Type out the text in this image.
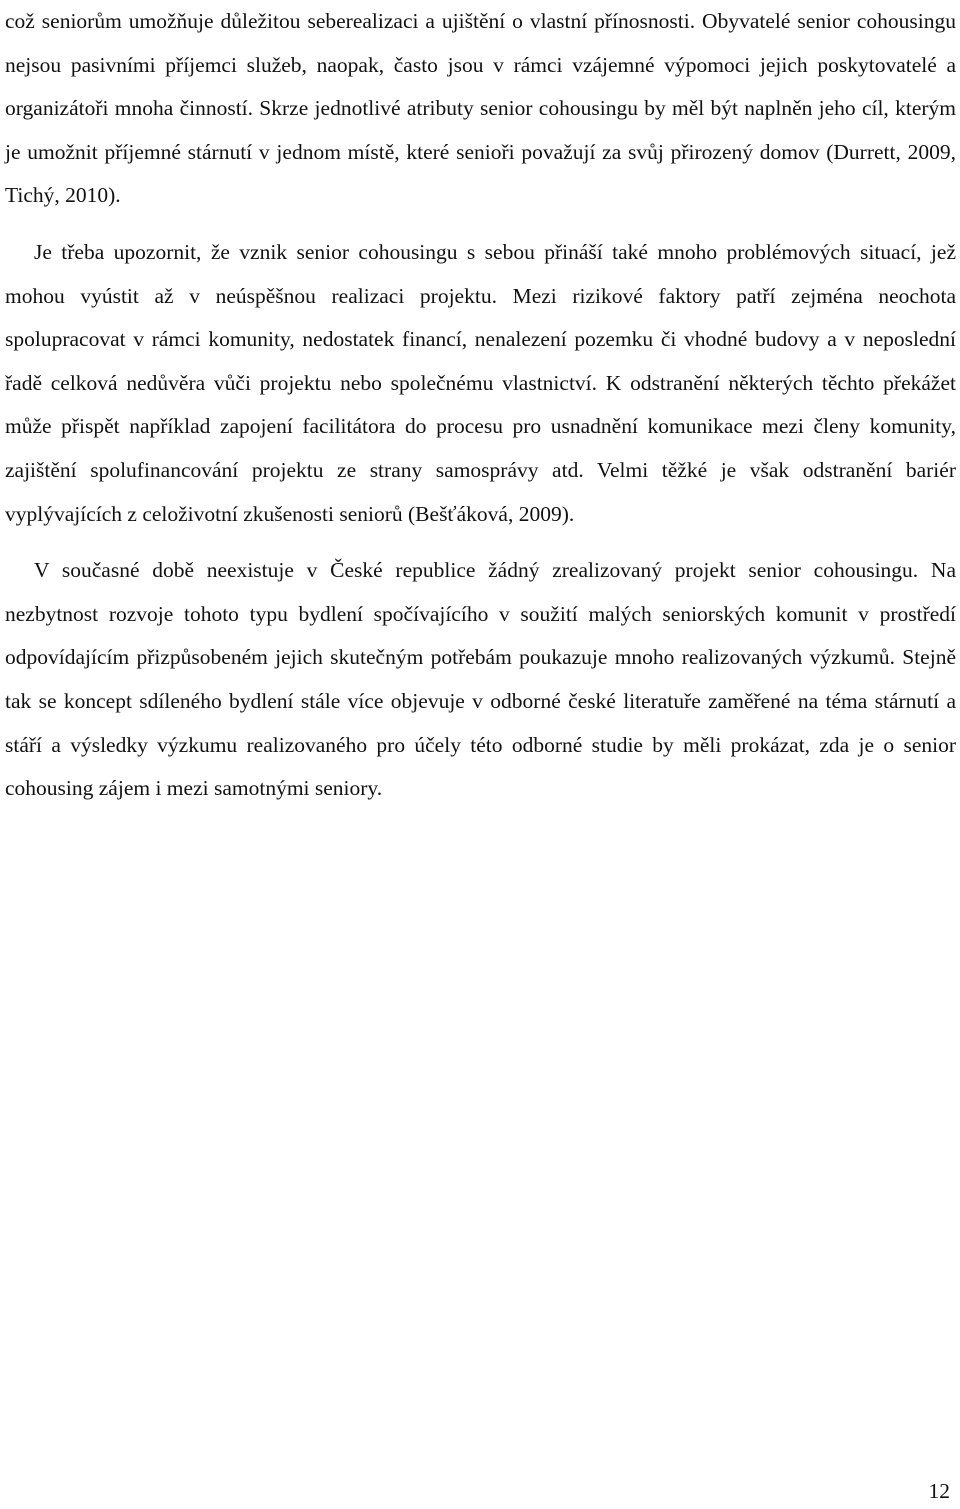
což seniorům umožňuje důležitou seberealizaci a ujištění o vlastní přínosnosti. Obyvatelé senior cohousingu nejsou pasivními příjemci služeb, naopak, často jsou v rámci vzájemné výpomoci jejich poskytovatelé a organizátoři mnoha činností. Skrze jednotlivé atributy senior cohousingu by měl být naplněn jeho cíl, kterým je umožnit příjemné stárnutí v jednom místě, které senioři považují za svůj přirozený domov (Durrett, 2009, Tichý, 2010).

Je třeba upozornit, že vznik senior cohousingu s sebou přináší také mnoho problémových situací, jež mohou vyústit až v neúspěšnou realizaci projektu. Mezi rizikové faktory patří zejména neochota spolupracovat v rámci komunity, nedostatek financí, nenalezení pozemku či vhodné budovy a v neposlední řadě celková nedůvěra vůči projektu nebo společnému vlastnictví. K odstranění některých těchto překážet může přispět například zapojení facilitátora do procesu pro usnadnění komunikace mezi členy komunity, zajištění spolufinancování projektu ze strany samosprávy atd. Velmi těžké je však odstranění bariér vyplývajících z celoživotní zkušenosti seniorů (Bešťáková, 2009).

V současné době neexistuje v České republice žádný zrealizovaný projekt senior cohousingu. Na nezbytnost rozvoje tohoto typu bydlení spočívajícího v soužití malých seniorských komunit v prostředí odpovídajícím přizpůsobeném jejich skutečným potřebám poukazuje mnoho realizovaných výzkumů. Stejně tak se koncept sdíleného bydlení stále více objevuje v odborné české literatuře zaměřené na téma stárnutí a stáří a výsledky výzkumu realizovaného pro účely této odborné studie by měli prokázat, zda je o senior cohousing zájem i mezi samotnými seniory.

12
